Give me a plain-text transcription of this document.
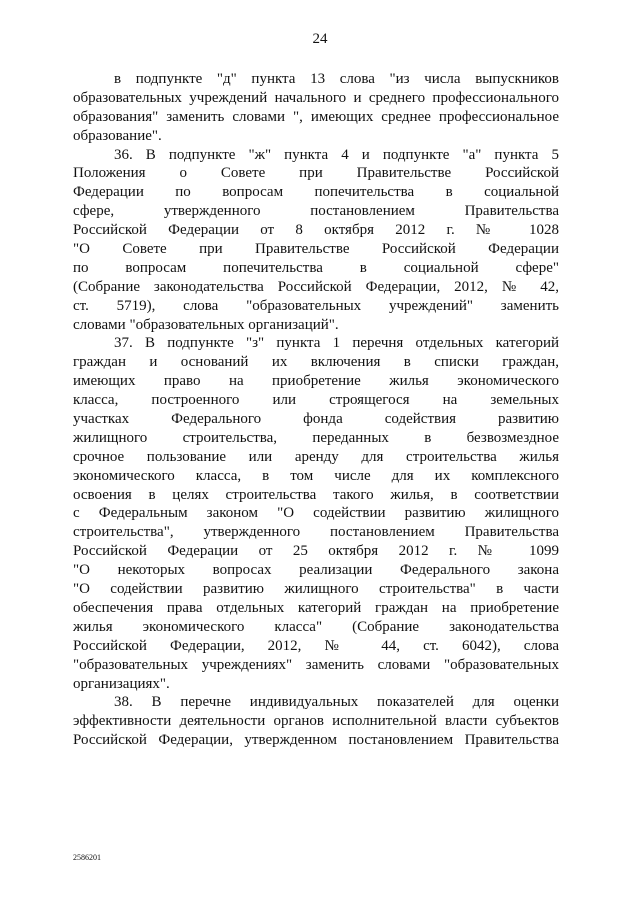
24
в подпункте "д" пункта 13 слова "из числа выпускников
образовательных учреждений начального и среднего профессионального
образования" заменить словами ", имеющих среднее профессиональное
образование".
36. В подпункте "ж" пункта 4 и подпункте "а" пункта 5
Положения о Совете при Правительстве Российской
Федерации по вопросам попечительства в социальной
сфере, утвержденного постановлением Правительства
Российской Федерации от 8 октября 2012 г. № 1028
"О Совете при Правительстве Российской Федерации
по вопросам попечительства в социальной сфере"
(Собрание законодательства Российской Федерации, 2012, № 42,
ст. 5719), слова "образовательных учреждений" заменить
словами "образовательных организаций".
37. В подпункте "з" пункта 1 перечня отдельных категорий
граждан и оснований их включения в списки граждан,
имеющих право на приобретение жилья экономического
класса, построенного или строящегося на земельных
участках Федерального фонда содействия развитию
жилищного строительства, переданных в безвозмездное
срочное пользование или аренду для строительства жилья
экономического класса, в том числе для их комплексного
освоения в целях строительства такого жилья, в соответствии
с Федеральным законом "О содействии развитию жилищного
строительства", утвержденного постановлением Правительства
Российской Федерации от 25 октября 2012 г. № 1099
"О некоторых вопросах реализации Федерального закона
"О содействии развитию жилищного строительства" в части
обеспечения права отдельных категорий граждан на приобретение
жилья экономического класса" (Собрание законодательства
Российской Федерации, 2012, № 44, ст. 6042), слова
"образовательных учреждениях" заменить словами "образовательных
организациях".
38. В перечне индивидуальных показателей для оценки
эффективности деятельности органов исполнительной власти субъектов
Российской Федерации, утвержденном постановлением Правительства
2586201
